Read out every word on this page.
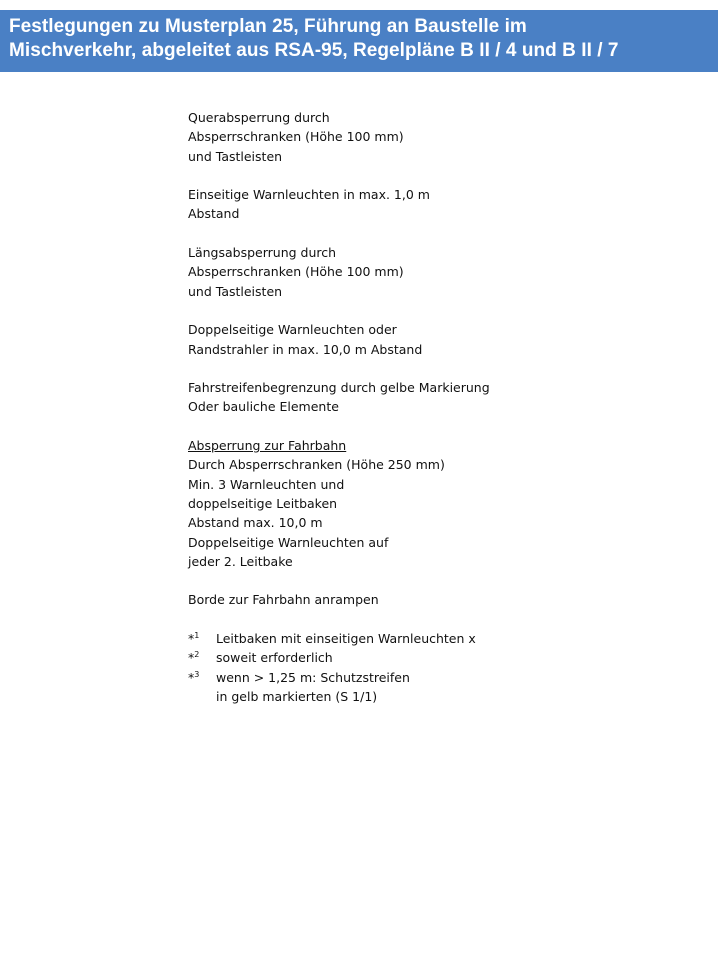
Festlegungen zu Musterplan 25, Führung an Baustelle im
Mischverkehr, abgeleitet aus RSA-95, Regelpläne B II / 4 und B II / 7
Querabsperrung durch
Absperrschranken (Höhe 100 mm)
und Tastleisten
Einseitige Warnleuchten in max. 1,0 m
Abstand
Längsabsperrung durch
Absperrschranken (Höhe 100 mm)
und Tastleisten
Doppelseitige Warnleuchten oder
Randstrahler in max. 10,0 m Abstand
Fahrstreifenbegrenzung durch gelbe Markierung
Oder bauliche Elemente
Absperrung zur Fahrbahn
Durch Absperrschranken (Höhe 250 mm)
Min. 3 Warnleuchten und
doppelseitige Leitbaken
Abstand max. 10,0 m
Doppelseitige Warnleuchten auf
jeder 2. Leitbake
Borde zur Fahrbahn anrampen
*$^1$	Leitbaken mit einseitigen Warnleuchten x
*$^2$	soweit erforderlich
*$^3$	wenn > 1,25 m: Schutzstreifen
in gelb markierten (S 1/1)
